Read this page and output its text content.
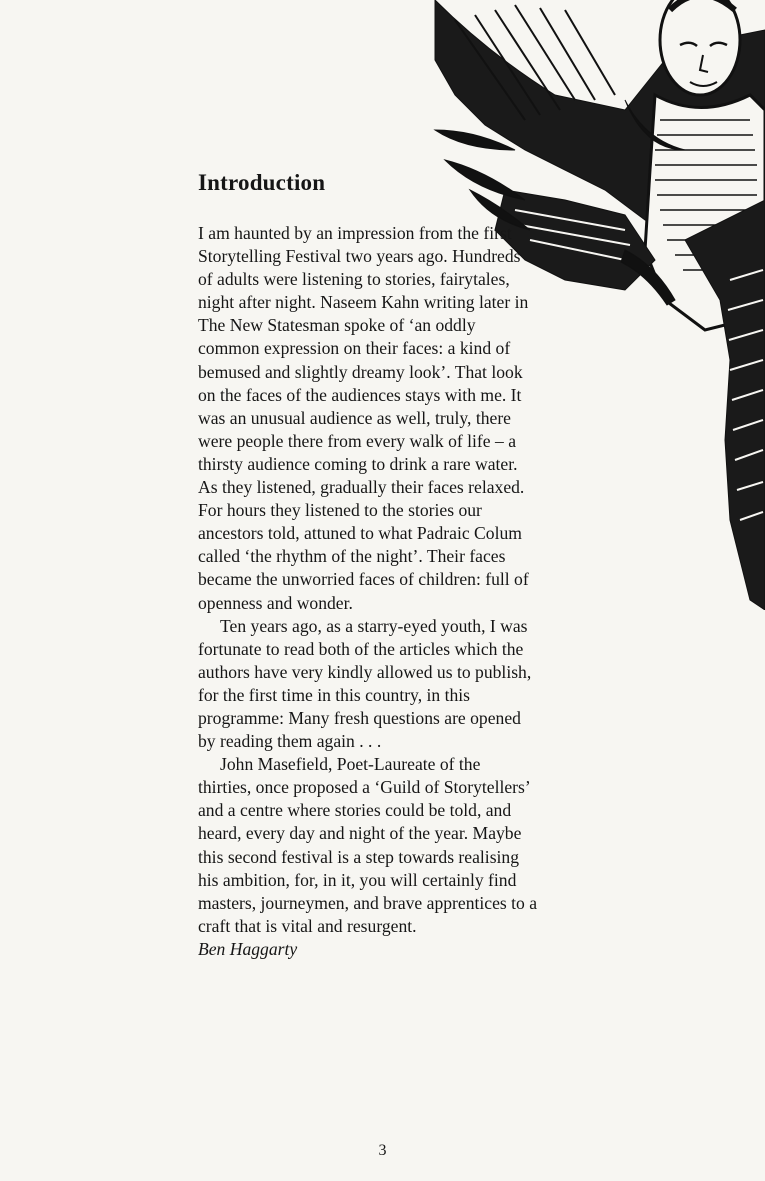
Introduction

I am haunted by an impression from the first Storytelling Festival two years ago. Hundreds of adults were listening to stories, fairytales, night after night. Naseem Kahn writing later in The New Statesman spoke of ‘an oddly common expression on their faces: a kind of bemused and slightly dreamy look’. That look on the faces of the audiences stays with me. It was an unusual audience as well, truly, there were people there from every walk of life – a thirsty audience coming to drink a rare water. As they listened, gradually their faces relaxed. For hours they listened to the stories our ancestors told, attuned to what Padraic Colum called ‘the rhythm of the night’. Their faces became the unworried faces of children: full of openness and wonder.

Ten years ago, as a starry-eyed youth, I was fortunate to read both of the articles which the authors have very kindly allowed us to publish, for the first time in this country, in this programme: Many fresh questions are opened by reading them again . . .

John Masefield, Poet-Laureate of the thirties, once proposed a ‘Guild of Storytellers’ and a centre where stories could be told, and heard, every day and night of the year. Maybe this second festival is a step towards realising his ambition, for, in it, you will certainly find masters, journeymen, and brave apprentices to a craft that is vital and resurgent.

Ben Haggarty

3
